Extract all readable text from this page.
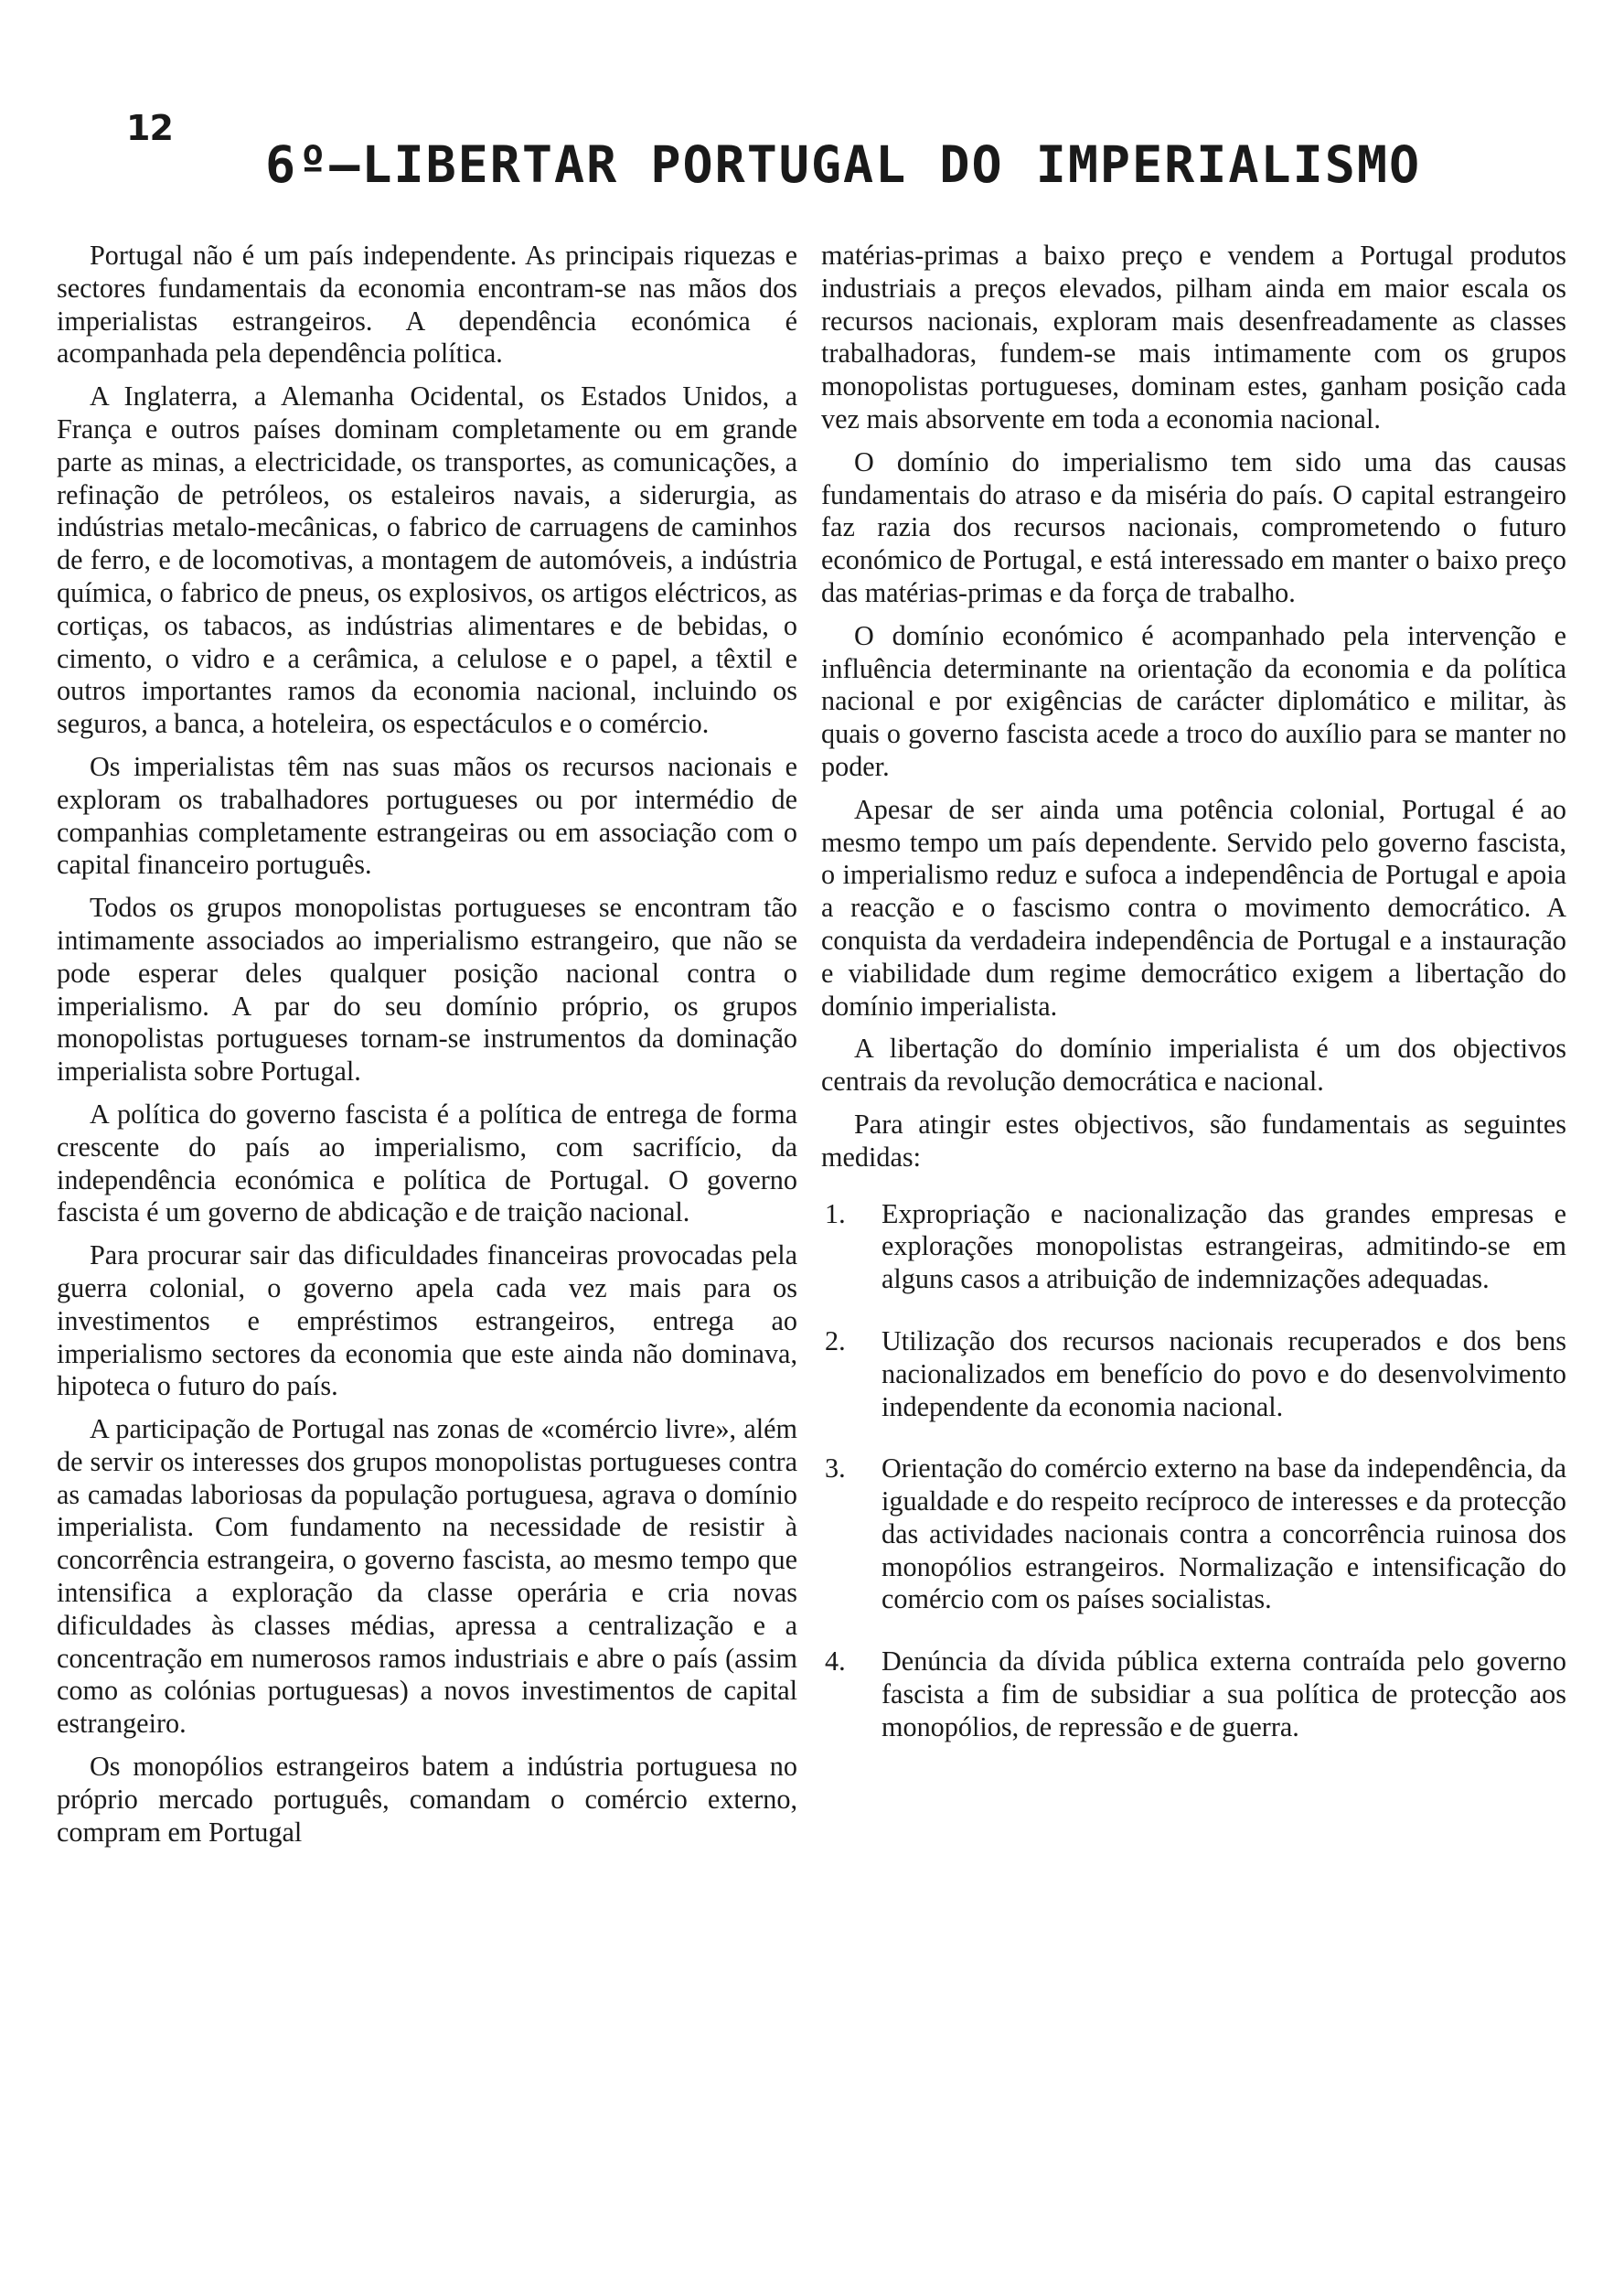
12
6º—LIBERTAR PORTUGAL DO IMPERIALISMO

Portugal não é um país independente. As principais riquezas e sectores fundamentais da economia encontram-se nas mãos dos imperialistas estrangeiros. A dependência económica é acompanhada pela dependência política.

A Inglaterra, a Alemanha Ocidental, os Estados Unidos, a França e outros países dominam completamente ou em grande parte as minas, a electricidade, os transportes, as comunicações, a refinação de petróleos, os estaleiros navais, a siderurgia, as indústrias metalo-mecânicas, o fabrico de carruagens de caminhos de ferro, e de locomotivas, a montagem de automóveis, a indústria química, o fabrico de pneus, os explosivos, os artigos eléctricos, as cortiças, os tabacos, as indústrias alimentares e de bebidas, o cimento, o vidro e a cerâmica, a celulose e o papel, a têxtil e outros importantes ramos da economia nacional, incluindo os seguros, a banca, a hoteleira, os espectáculos e o comércio.

Os imperialistas têm nas suas mãos os recursos nacionais e exploram os trabalhadores portugueses ou por intermédio de companhias completamente estrangeiras ou em associação com o capital financeiro português.

Todos os grupos monopolistas portugueses se encontram tão intimamente associados ao imperialismo estrangeiro, que não se pode esperar deles qualquer posição nacional contra o imperialismo. A par do seu domínio próprio, os grupos monopolistas portugueses tornam-se instrumentos da dominação imperialista sobre Portugal.

A política do governo fascista é a política de entrega de forma crescente do país ao imperialismo, com sacrifício, da independência económica e política de Portugal. O governo fascista é um governo de abdicação e de traição nacional.

Para procurar sair das dificuldades financeiras provocadas pela guerra colonial, o governo apela cada vez mais para os investimentos e empréstimos estrangeiros, entrega ao imperialismo sectores da economia que este ainda não dominava, hipoteca o futuro do país.

A participação de Portugal nas zonas de «comércio livre», além de servir os interesses dos grupos monopolistas portugueses contra as camadas laboriosas da população portuguesa, agrava o domínio imperialista. Com fundamento na necessidade de resistir à concorrência estrangeira, o governo fascista, ao mesmo tempo que intensifica a exploração da classe operária e cria novas dificuldades às classes médias, apressa a centralização e a concentração em numerosos ramos industriais e abre o país (assim como as colónias portuguesas) a novos investimentos de capital estrangeiro.

Os monopólios estrangeiros batem a indústria portuguesa no próprio mercado português, comandam o comércio externo, compram em Portugal

matérias-primas a baixo preço e vendem a Portugal produtos industriais a preços elevados, pilham ainda em maior escala os recursos nacionais, exploram mais desenfreadamente as classes trabalhadoras, fundem-se mais intimamente com os grupos monopolistas portugueses, dominam estes, ganham posição cada vez mais absorvente em toda a economia nacional.

O domínio do imperialismo tem sido uma das causas fundamentais do atraso e da miséria do país. O capital estrangeiro faz razia dos recursos nacionais, comprometendo o futuro económico de Portugal, e está interessado em manter o baixo preço das matérias-primas e da força de trabalho.

O domínio económico é acompanhado pela intervenção e influência determinante na orientação da economia e da política nacional e por exigências de carácter diplomático e militar, às quais o governo fascista acede a troco do auxílio para se manter no poder.

Apesar de ser ainda uma potência colonial, Portugal é ao mesmo tempo um país dependente. Servido pelo governo fascista, o imperialismo reduz e sufoca a independência de Portugal e apoia a reacção e o fascismo contra o movimento democrático. A conquista da verdadeira independência de Portugal e a instauração e viabilidade dum regime democrático exigem a libertação do domínio imperialista.

A libertação do domínio imperialista é um dos objectivos centrais da revolução democrática e nacional.

Para atingir estes objectivos, são fundamentais as seguintes medidas:

1.	Expropriação e nacionalização das grandes empresas e explorações monopolistas estrangeiras, admitindo-se em alguns casos a atribuição de indemnizações adequadas.
2.	Utilização dos recursos nacionais recuperados e dos bens nacionalizados em benefício do povo e do desenvolvimento independente da economia nacional.
3.	Orientação do comércio externo na base da independência, da igualdade e do respeito recíproco de interesses e da protecção das actividades nacionais contra a concorrência ruinosa dos monopólios estrangeiros. Normalização e intensificação do comércio com os países socialistas.
4.	Denúncia da dívida pública externa contraída pelo governo fascista a fim de subsidiar a sua política de protecção aos monopólios, de repressão e de guerra.
